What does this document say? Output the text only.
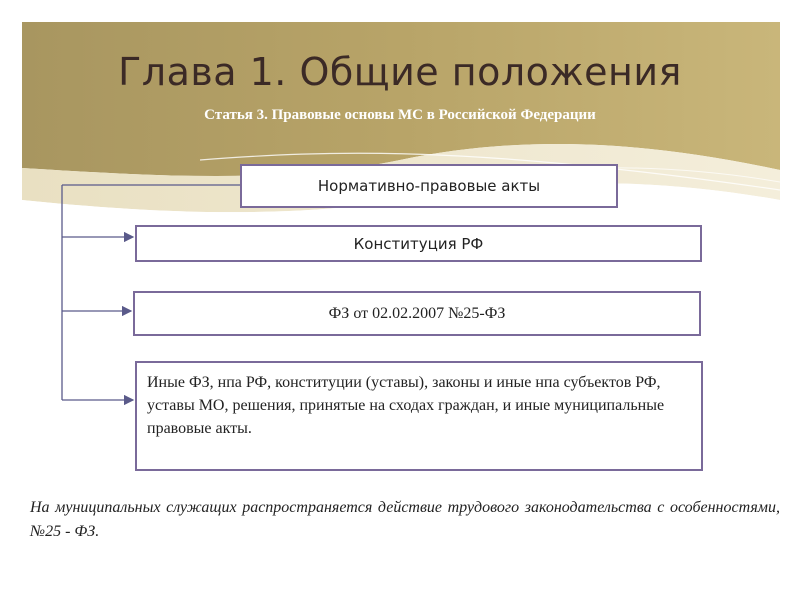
Глава 1. Общие положения
Статья 3. Правовые основы МС в Российской Федерации
Нормативно-правовые акты
Конституция РФ
ФЗ от 02.02.2007 №25-ФЗ
Иные ФЗ, нпа РФ, конституции (уставы), законы и иные нпа субъектов РФ, уставы МО, решения, принятые на сходах граждан, и иные муниципальные правовые акты.
На муниципальных служащих распространяется действие трудового законодательства с особенностями, №25 - ФЗ.
